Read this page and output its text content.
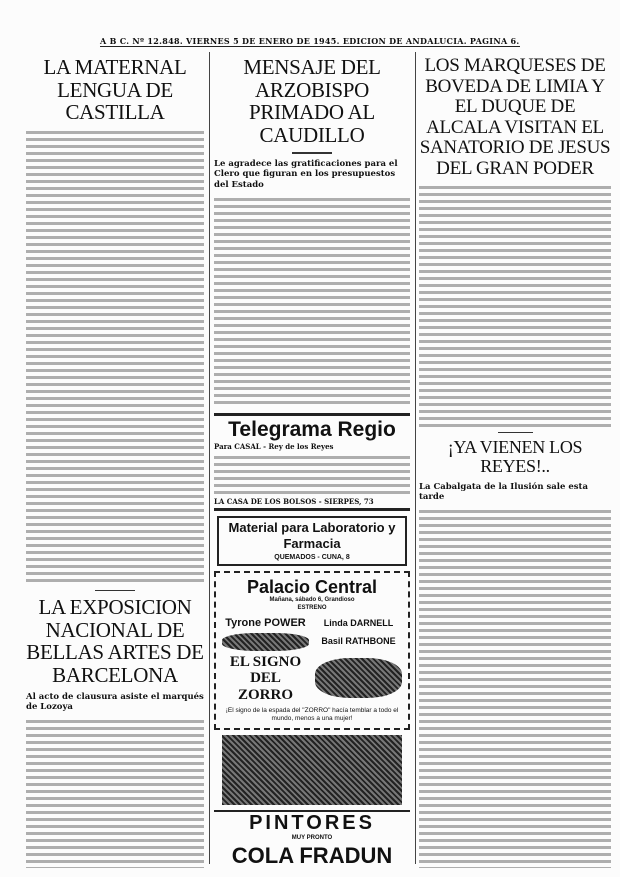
A B C. Nº 12.848. VIERNES 5 DE ENERO DE 1945. EDICION DE ANDALUCIA. PAGINA 6.
LA MATERNAL LENGUA DE CASTILLA
LA EXPOSICION NACIONAL DE BELLAS ARTES DE BARCELONA
Al acto de clausura asiste el marqués de Lozoya
MENSAJE DEL ARZOBISPO PRIMADO AL CAUDILLO
Le agradece las gratificaciones para el Clero que figuran en los presupuestos del Estado
Telegrama Regio
Para CASAL - Rey de los Reyes
LA CASA DE LOS BOLSOS - SIERPES, 73
Material para Laboratorio y Farmacia
QUEMADOS - CUNA, 8
Palacio Central
Mañana, sábado 6, Grandioso
ESTRENO
Tyrone POWER	Linda DARNELL
Basil RATHBONE
EL SIGNO DEL ZORRO
¡El signo de la espada del "ZORRO" hacía temblar a todo el mundo, menos a una mujer!
PINTORES
MUY PRONTO
COLA FRADUN
LOS MARQUESES DE BOVEDA DE LIMIA Y EL DUQUE DE ALCALA VISITAN EL SANATORIO DE JESUS DEL GRAN PODER
¡YA VIENEN LOS REYES!..
La Cabalgata de la Ilusión sale esta tarde
